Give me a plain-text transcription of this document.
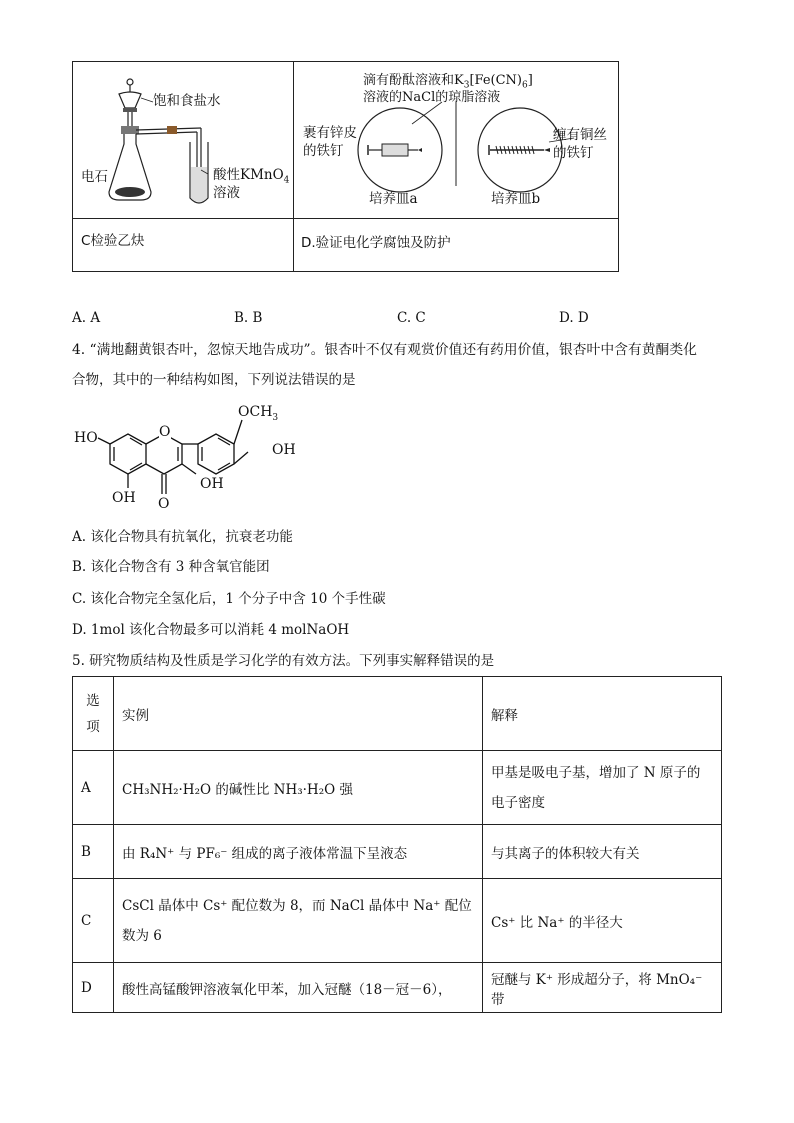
饱和食盐水
电石	酸性KMnO$_4$
溶液
滴有酚酞溶液和$K_3[Fe(CN)_6]$
溶液的NaCl的琼脂溶液
裹有锌皮
的铁钉
缠有铜丝
的铁钉
培养皿a	培养皿b
C检验乙炔	D.验证电化学腐蚀及防护
A. A	B. B	C. C	D. D
4. “满地翻黄银杏叶，忽惊天地告成功”。银杏叶不仅有观赏价值还有药用价值，银杏叶中含有黄酮类化
合物，其中的一种结构如图，下列说法错误的是
O
HO
$OCH_3$
OH
OH
OH O
A. 该化合物具有抗氧化，抗衰老功能
B. 该化合物含有 3 种含氧官能团
C. 该化合物完全氢化后，1 个分子中含 10 个手性碳
D. 1mol 该化合物最多可以消耗 4 molNaOH
5. 研究物质结构及性质是学习化学的有效方法。下列事实解释错误的是
选
项	实例	解释
A	CH₃NH₂·H₂O 的碱性比 NH₃·H₂O 强	甲基是吸电子基，增加了 N 原子的
电子密度
B	由 R₄N⁺ 与 PF₆⁻ 组成的离子液体常温下呈液态	与其离子的体积较大有关
C	CsCl 晶体中 Cs⁺ 配位数为 8，而 NaCl 晶体中 Na⁺ 配位
数为 6	Cs⁺ 比 Na⁺ 的半径大
D	酸性高锰酸钾溶液氧化甲苯，加入冠醚（18－冠－6），	冠醚与 K⁺ 形成超分子，将 MnO₄⁻ 带
